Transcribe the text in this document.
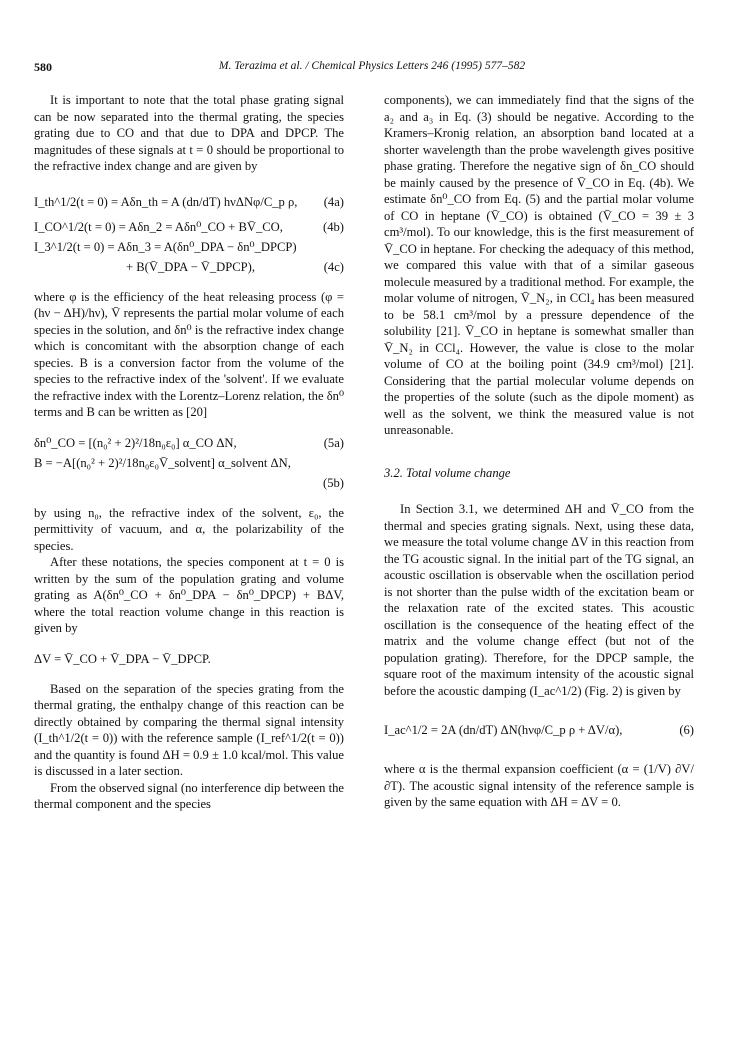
580	M. Terazima et al. / Chemical Physics Letters 246 (1995) 577–582

It is important to note that the total phase grating signal can be now separated into the thermal grating, the species grating due to CO and that due to DPA and DPCP. The magnitudes of these signals at t = 0 should be proportional to the refractive index change and are given by

I_th^1/2(t = 0) = Aδn_th = A (dn/dT) hνΔNφ/C_p ρ,	(4a)
I_CO^1/2(t = 0) = Aδn_2 = Aδn⁰_CO + BV̄_CO,	(4b)
I_3^1/2(t = 0) = Aδn_3 = A(δn⁰_DPA − δn⁰_DPCP)
+ B(V̄_DPA − V̄_DPCP),	(4c)

where φ is the efficiency of the heat releasing process (φ = (hν − ΔH)/hν), V̄ represents the partial molar volume of each species in the solution, and δn⁰ is the refractive index change which is concomitant with the absorption change of each species. B is a conversion factor from the volume of the species to the refractive index of the 'solvent'. If we evaluate the refractive index with the Lorentz–Lorenz relation, the δn⁰ terms and B can be written as [20]

δn⁰_CO = [(n₀² + 2)²/18n₀ε₀] α_CO ΔN,	(5a)
B = −A[(n₀² + 2)²/18n₀ε₀V̄_solvent] α_solvent ΔN,
(5b)

by using n₀, the refractive index of the solvent, ε₀, the permittivity of vacuum, and α, the polarizability of the species.

After these notations, the species component at t = 0 is written by the sum of the population grating and volume grating as A(δn⁰_CO + δn⁰_DPA − δn⁰_DPCP) + BΔV, where the total reaction volume change in this reaction is given by

ΔV = V̄_CO + V̄_DPA − V̄_DPCP.

Based on the separation of the species grating from the thermal grating, the enthalpy change of this reaction can be directly obtained by comparing the thermal signal intensity (I_th^1/2(t = 0)) with the reference sample (I_ref^1/2(t = 0)) and the quantity is found ΔH = 0.9 ± 1.0 kcal/mol. This value is discussed in a later section.

From the observed signal (no interference dip between the thermal component and the species

components), we can immediately find that the signs of the a₂ and a₃ in Eq. (3) should be negative. According to the Kramers–Kronig relation, an absorption band located at a shorter wavelength than the probe wavelength gives positive phase grating. Therefore the negative sign of δn_CO should be mainly caused by the presence of V̄_CO in Eq. (4b). We estimate δn⁰_CO from Eq. (5) and the partial molar volume of CO in heptane (V̄_CO) is obtained (V̄_CO = 39 ± 3 cm³/mol). To our knowledge, this is the first measurement of V̄_CO in heptane. For checking the adequacy of this method, we compared this value with that of a similar gaseous molecule measured by a traditional method. For example, the molar volume of nitrogen, V̄_N₂, in CCl₄ has been measured to be 58.1 cm³/mol by a pressure dependence of the solubility [21]. V̄_CO in heptane is somewhat smaller than V̄_N₂ in CCl₄. However, the value is close to the molar volume of CO at the boiling point (34.9 cm³/mol) [21]. Considering that the partial molecular volume depends on the properties of the solute (such as the dipole moment) as well as the solvent, we think the measured value is not unreasonable.

3.2. Total volume change

In Section 3.1, we determined ΔH and V̄_CO from the thermal and species grating signals. Next, using these data, we measure the total volume change ΔV in this reaction from the TG acoustic signal. In the initial part of the TG signal, an acoustic oscillation is observable when the oscillation period is not shorter than the pulse width of the excitation beam or the relaxation rate of the excited states. This acoustic oscillation is the consequence of the heating effect of the matrix and the volume change effect (but not of the population grating). Therefore, for the DPCP sample, the square root of the maximum intensity of the acoustic signal before the acoustic damping (I_ac^1/2) (Fig. 2) is given by

I_ac^1/2 = 2A (dn/dT) ΔN(hνφ/C_p ρ + ΔV/α),	(6)

where α is the thermal expansion coefficient (α = (1/V) ∂V/∂T). The acoustic signal intensity of the reference sample is given by the same equation with ΔH = ΔV = 0.
